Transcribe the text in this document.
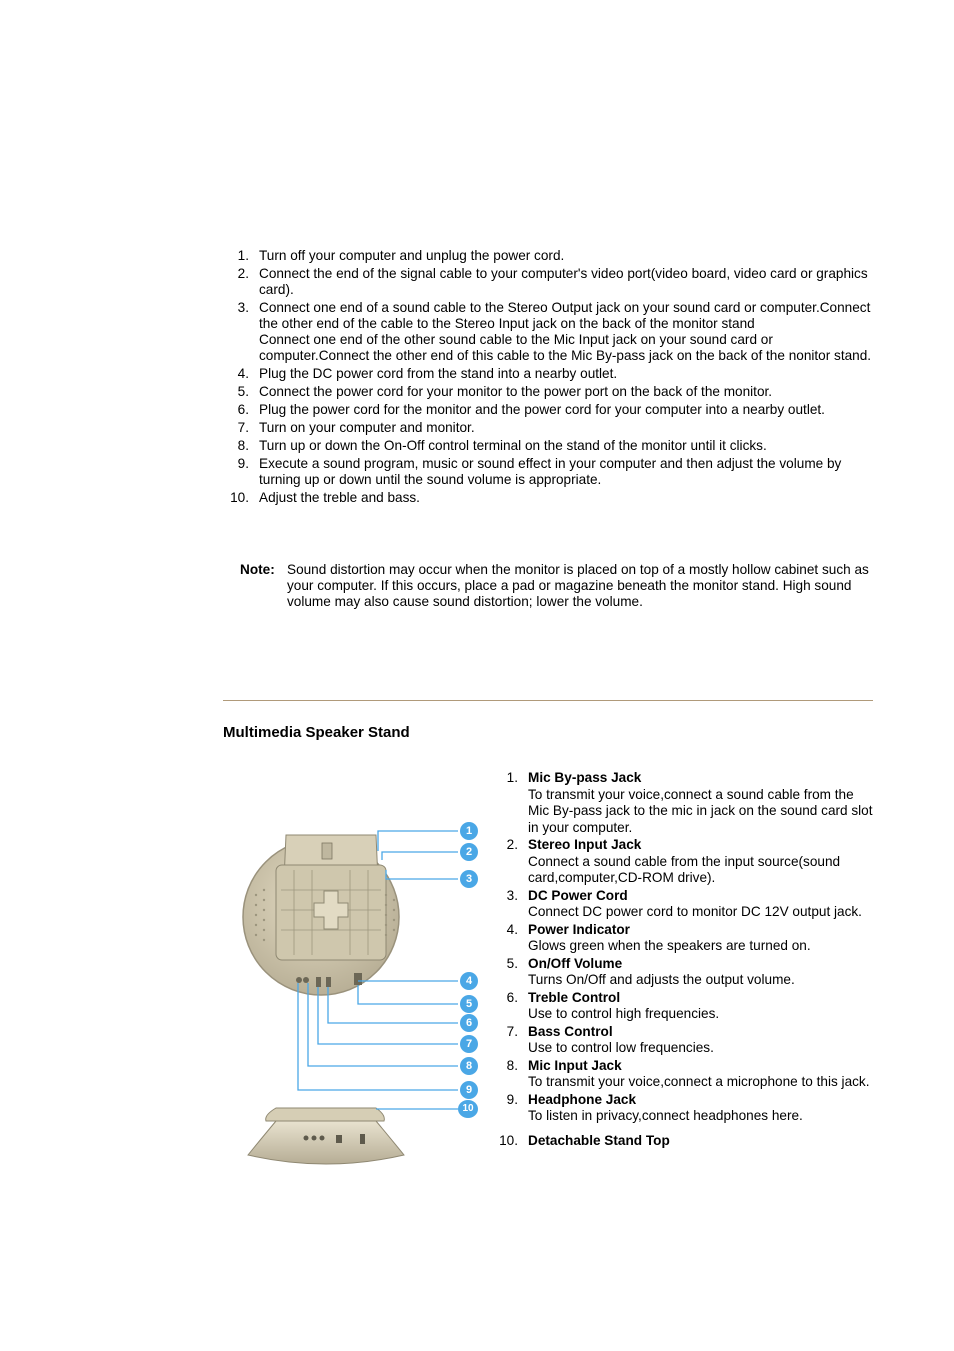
1. Turn off your computer and unplug the power cord.
2. Connect the end of the signal cable to your computer's video port(video board, video card or graphics card).
3. Connect one end of a sound cable to the Stereo Output jack on your sound card or computer.Connect the other end of the cable to the Stereo Input jack on the back of the monitor stand
Connect one end of the other sound cable to the Mic Input jack on your sound card or computer.Connect the other end of this cable to the Mic By-pass jack on the back of the nonitor stand.
4. Plug the DC power cord from the stand into a nearby outlet.
5. Connect the power cord for your monitor to the power port on the back of the monitor.
6. Plug the power cord for the monitor and the power cord for your computer into a nearby outlet.
7. Turn on your computer and monitor.
8. Turn up or down the On-Off control terminal on the stand of the monitor until it clicks.
9. Execute a sound program, music or sound effect in your computer and then adjust the volume by turning up or down until the sound volume is appropriate.
10. Adjust the treble and bass.
Note: Sound distortion may occur when the monitor is placed on top of a mostly hollow cabinet such as your computer. If this occurs, place a pad or magazine beneath the monitor stand. High sound volume may also cause sound distortion; lower the volume.
Multimedia Speaker Stand
1
2
3
4
5
6
7
8
9
10
1. Mic By-pass Jack
To transmit your voice,connect a sound cable from the Mic By-pass jack to the mic in jack on the sound card slot in your computer.
2. Stereo Input Jack
Connect a sound cable from the input source(sound card,computer,CD-ROM drive).
3. DC Power Cord
Connect DC power cord to monitor DC 12V output jack.
4. Power Indicator
Glows green when the speakers are turned on.
5. On/Off Volume
Turns On/Off and adjusts the output volume.
6. Treble Control
Use to control high frequencies.
7. Bass Control
Use to control low frequencies.
8. Mic Input Jack
To transmit your voice,connect a microphone to this jack.
9. Headphone Jack
To listen in privacy,connect headphones here.
10. Detachable Stand Top
